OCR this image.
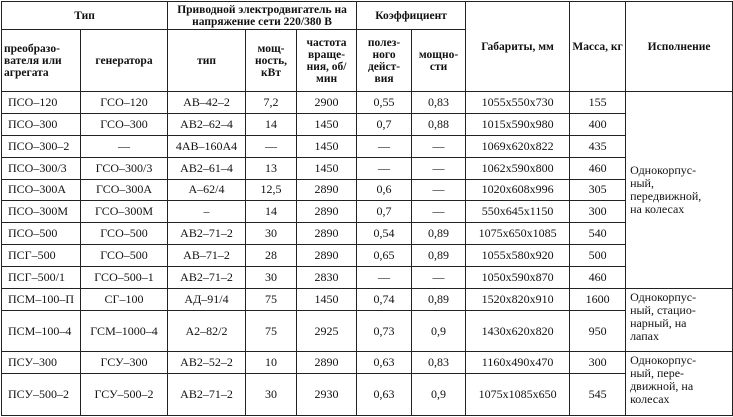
Тип		Приводной электродвигатель на напряжение сети 220/380 В			Коэффициент		Габариты, мм	Масса, кг	Исполнение
преобразо-вателя или агрегата	генератора	тип	мощ-ность, кВт	частота враще-ния, об/мин	полез-ного дейст-вия	мощно-сти			
ПСО–120	ГСО–120	АВ–42–2	7,2	2900	0,55	0,83	1055x550x730	155	Однокорпус-
ный,
передвижной,
на колесах

ПСО–300	ГСО–300	АВ2–62–4	14	1450	0,7	0,88	1015x590x980	400	
ПСО–300–2	—	4АВ–160А4	—	1450	—	—	1069x620x822	435	
ПСО–300/3	ГСО–300/3	АВ2–61–4	13	1450	—	—	1062x590x800	460	
ПСО–300А	ГСО–300А	А–62/4	12,5	2890	0,6	—	1020x608x996	305	
ПСО–300М	ГСО–300М	–	14	2890	0,7	—	550x645x1150	300	
ПСО–500	ГСО–500	АВ2–71–2	30	2890	0,54	0,89	1075x650x1085	540	
ПСГ–500	ГСО–500	АВ–71–2	28	2890	0,65	0,89	1055x580x920	500	
ПСГ–500/1	ГСО–500–1	АВ2–71–2	30	2830	—	—	1050x590x870	460	
ПСМ–100–П	СГ–100	АД–91/4	75	1450	0,74	0,89	1520x820x910	1600	Однокорпус-
ный, стацио-
нарный, на
лапах

ПСМ–100–4	ГСМ–1000–4	А2–82/2	75	2925	0,73	0,9	1430x620x820	950	
ПСУ–300	ГСУ–300	АВ2–52–2	10	2890	0,63	0,83	1160x490x470	300	Однокорпус-
ный, пере-
движной, на
колесах

ПСУ–500–2	ГСУ–500–2	АВ2–71–2	30	2930	0,63	0,9	1075x1085x650	545	
